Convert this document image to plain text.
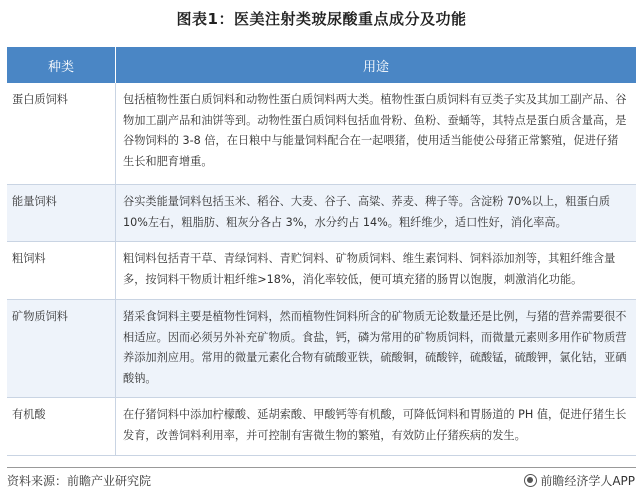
图表1：医美注射类玻尿酸重点成分及功能
种类	用途
蛋白质饲料	包括植物性蛋白质饲料和动物性蛋白质饲料两大类。植物性蛋白质饲料有豆类子实及其加工副产品、谷物加工副产品和油饼等到。动物性蛋白质饲料包括血骨粉、鱼粉、蚕蛹等，其特点是蛋白质含量高，是谷物饲料的 3-8 倍，在日粮中与能量饲料配合在一起喂猪，使用适当能使公母猪正常繁殖，促进仔猪生长和肥育增重。
能量饲料	谷实类能量饲料包括玉米、稻谷、大麦、谷子、高粱、荞麦、稗子等。含淀粉 70%以上，粗蛋白质10%左右，粗脂肪、粗灰分各占 3%，水分约占 14%。粗纤维少，适口性好，消化率高。
粗饲料	粗饲料包括青干草、青绿饲料、青贮饲料、矿物质饲料、维生素饲料、饲料添加剂等，其粗纤维含量多，按饲料干物质计粗纤维>18%，消化率较低，便可填充猪的肠胃以饱腹，刺激消化功能。
矿物质饲料	猪采食饲料主要是植物性饲料，然而植物性饲料所含的矿物质无论数量还是比例，与猪的营养需要很不相适应。因而必须另外补充矿物质。食盐，钙，磷为常用的矿物质饲料，而微量元素则多用作矿物质营养添加剂应用。常用的微量元素化合物有硫酸亚铁，硫酸铜，硫酸锌，硫酸锰，硫酸钾，氯化钴，亚硒酸钠。
有机酸	在仔猪饲料中添加柠檬酸、延胡索酸、甲酸钙等有机酸，可降低饲料和胃肠道的 PH 值，促进仔猪生长发育，改善饲料利用率，并可控制有害微生物的繁殖，有效防止仔猪疾病的发生。
资料来源：前瞻产业研究院	前瞻经济学人APP
